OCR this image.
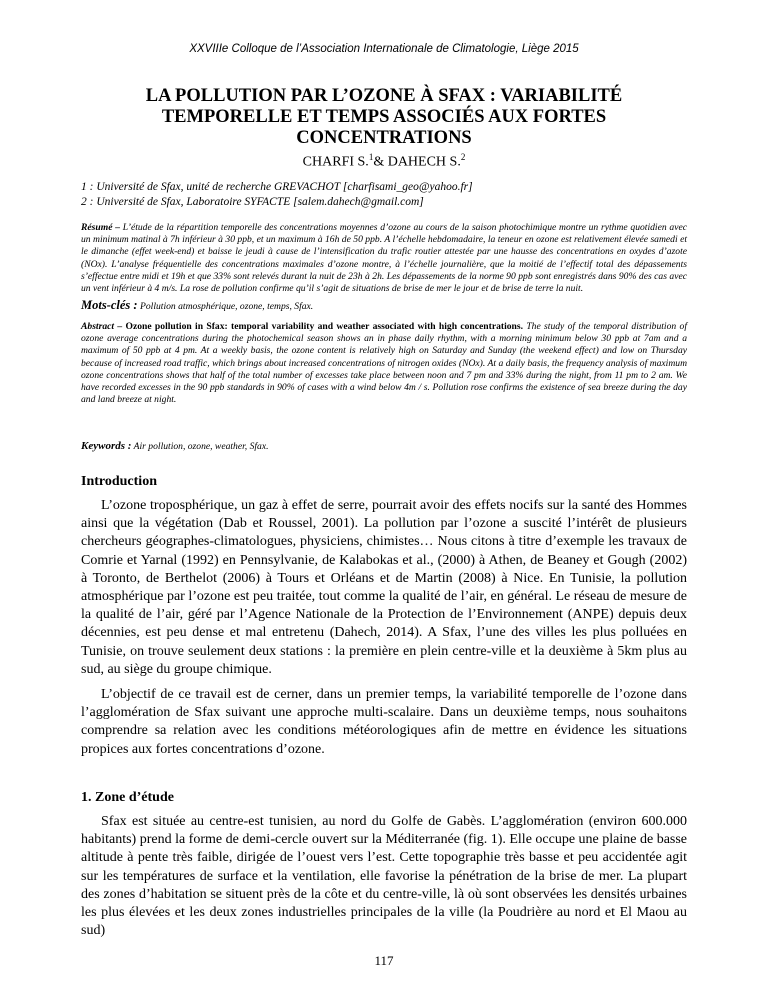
XXVIIIe Colloque de l’Association Internationale de Climatologie, Liège 2015
LA POLLUTION PAR L’OZONE À SFAX : VARIABILITÉ
TEMPORELLE ET TEMPS ASSOCIÉS AUX FORTES
CONCENTRATIONS
CHARFI S.$^1$& DAHECH S.$^2$
1 : Université de Sfax, unité de recherche GREVACHOT [charfisami_geo@yahoo.fr]
2 : Université de Sfax, Laboratoire SYFACTE [salem.dahech@gmail.com]

Résumé – L’étude de la répartition temporelle des concentrations moyennes d’ozone au cours de la saison photochimique montre un rythme quotidien avec un minimum matinal à 7h inférieur à 30 ppb, et un maximum à 16h de 50 ppb. A l’échelle hebdomadaire, la teneur en ozone est relativement élevée samedi et le dimanche (effet week-end) et baisse le jeudi à cause de l’intensification du trafic routier attestée par une hausse des concentrations en oxydes d’azote (NOx). L’analyse fréquentielle des concentrations maximales d’ozone montre, à l’échelle journalière, que la moitié de l’effectif total des dépassements s’effectue entre midi et 19h et que 33% sont relevés durant la nuit de 23h à 2h. Les dépassements de la norme 90 ppb sont enregistrés dans 90% des cas avec un vent inférieur à 4 m/s. La rose de pollution confirme qu’il s’agit de situations de brise de mer le jour et de brise de terre la nuit.

Mots-clés : Pollution atmosphérique, ozone, temps, Sfax.

Abstract – Ozone pollution in Sfax: temporal variability and weather associated with high concentrations. The study of the temporal distribution of ozone average concentrations during the photochemical season shows an in phase daily rhythm, with a morning minimum below 30 ppb at 7am and a maximum of 50 ppb at 4 pm. At a weekly basis, the ozone content is relatively high on Saturday and Sunday (the weekend effect) and low on Thursday because of increased road traffic, which brings about increased concentrations of nitrogen oxides (NOx). At a daily basis, the frequency analysis of maximum ozone concentrations shows that half of the total number of excesses take place between noon and 7 pm and 33% during the night, from 11 pm to 2 am. We have recorded excesses in the 90 ppb standards in 90% of cases with a wind below 4m / s. Pollution rose confirms the existence of sea breeze during the day and land breeze at night.

Keywords : Air pollution, ozone, weather, Sfax.

Introduction

L’ozone troposphérique, un gaz à effet de serre, pourrait avoir des effets nocifs sur la santé des Hommes ainsi que la végétation (Dab et Roussel, 2001). La pollution par l’ozone a suscité l’intérêt de plusieurs chercheurs géographes-climatologues, physiciens, chimistes… Nous citons à titre d’exemple les travaux de Comrie et Yarnal (1992) en Pennsylvanie, de Kalabokas et al., (2000) à Athen, de Beaney et Gough (2002) à Toronto, de Berthelot (2006) à Tours et Orléans et de Martin (2008) à Nice. En Tunisie, la pollution atmosphérique par l’ozone est peu traitée, tout comme la qualité de l’air, en général. Le réseau de mesure de la qualité de l’air, géré par l’Agence Nationale de la Protection de l’Environnement (ANPE) depuis deux décennies, est peu dense et mal entretenu (Dahech, 2014). A Sfax, l’une des villes les plus polluées en Tunisie, on trouve seulement deux stations : la première en plein centre-ville et la deuxième à 5km plus au sud, au siège du groupe chimique.

L’objectif de ce travail est de cerner, dans un premier temps, la variabilité temporelle de l’ozone dans l’agglomération de Sfax suivant une approche multi-scalaire. Dans un deuxième temps, nous souhaitons comprendre sa relation avec les conditions météorologiques afin de mettre en évidence les situations propices aux fortes concentrations d’ozone.

1. Zone d’étude

Sfax est située au centre-est tunisien, au nord du Golfe de Gabès. L’agglomération (environ 600.000 habitants) prend la forme de demi-cercle ouvert sur la Méditerranée (fig. 1). Elle occupe une plaine de basse altitude à pente très faible, dirigée de l’ouest vers l’est. Cette topographie très basse et peu accidentée agit sur les températures de surface et la ventilation, elle favorise la pénétration de la brise de mer. La plupart des zones d’habitation se situent près de la côte et du centre-ville, là où sont observées les densités urbaines les plus élevées et les deux zones industrielles principales de la ville (la Poudrière au nord et El Maou au sud)

117
